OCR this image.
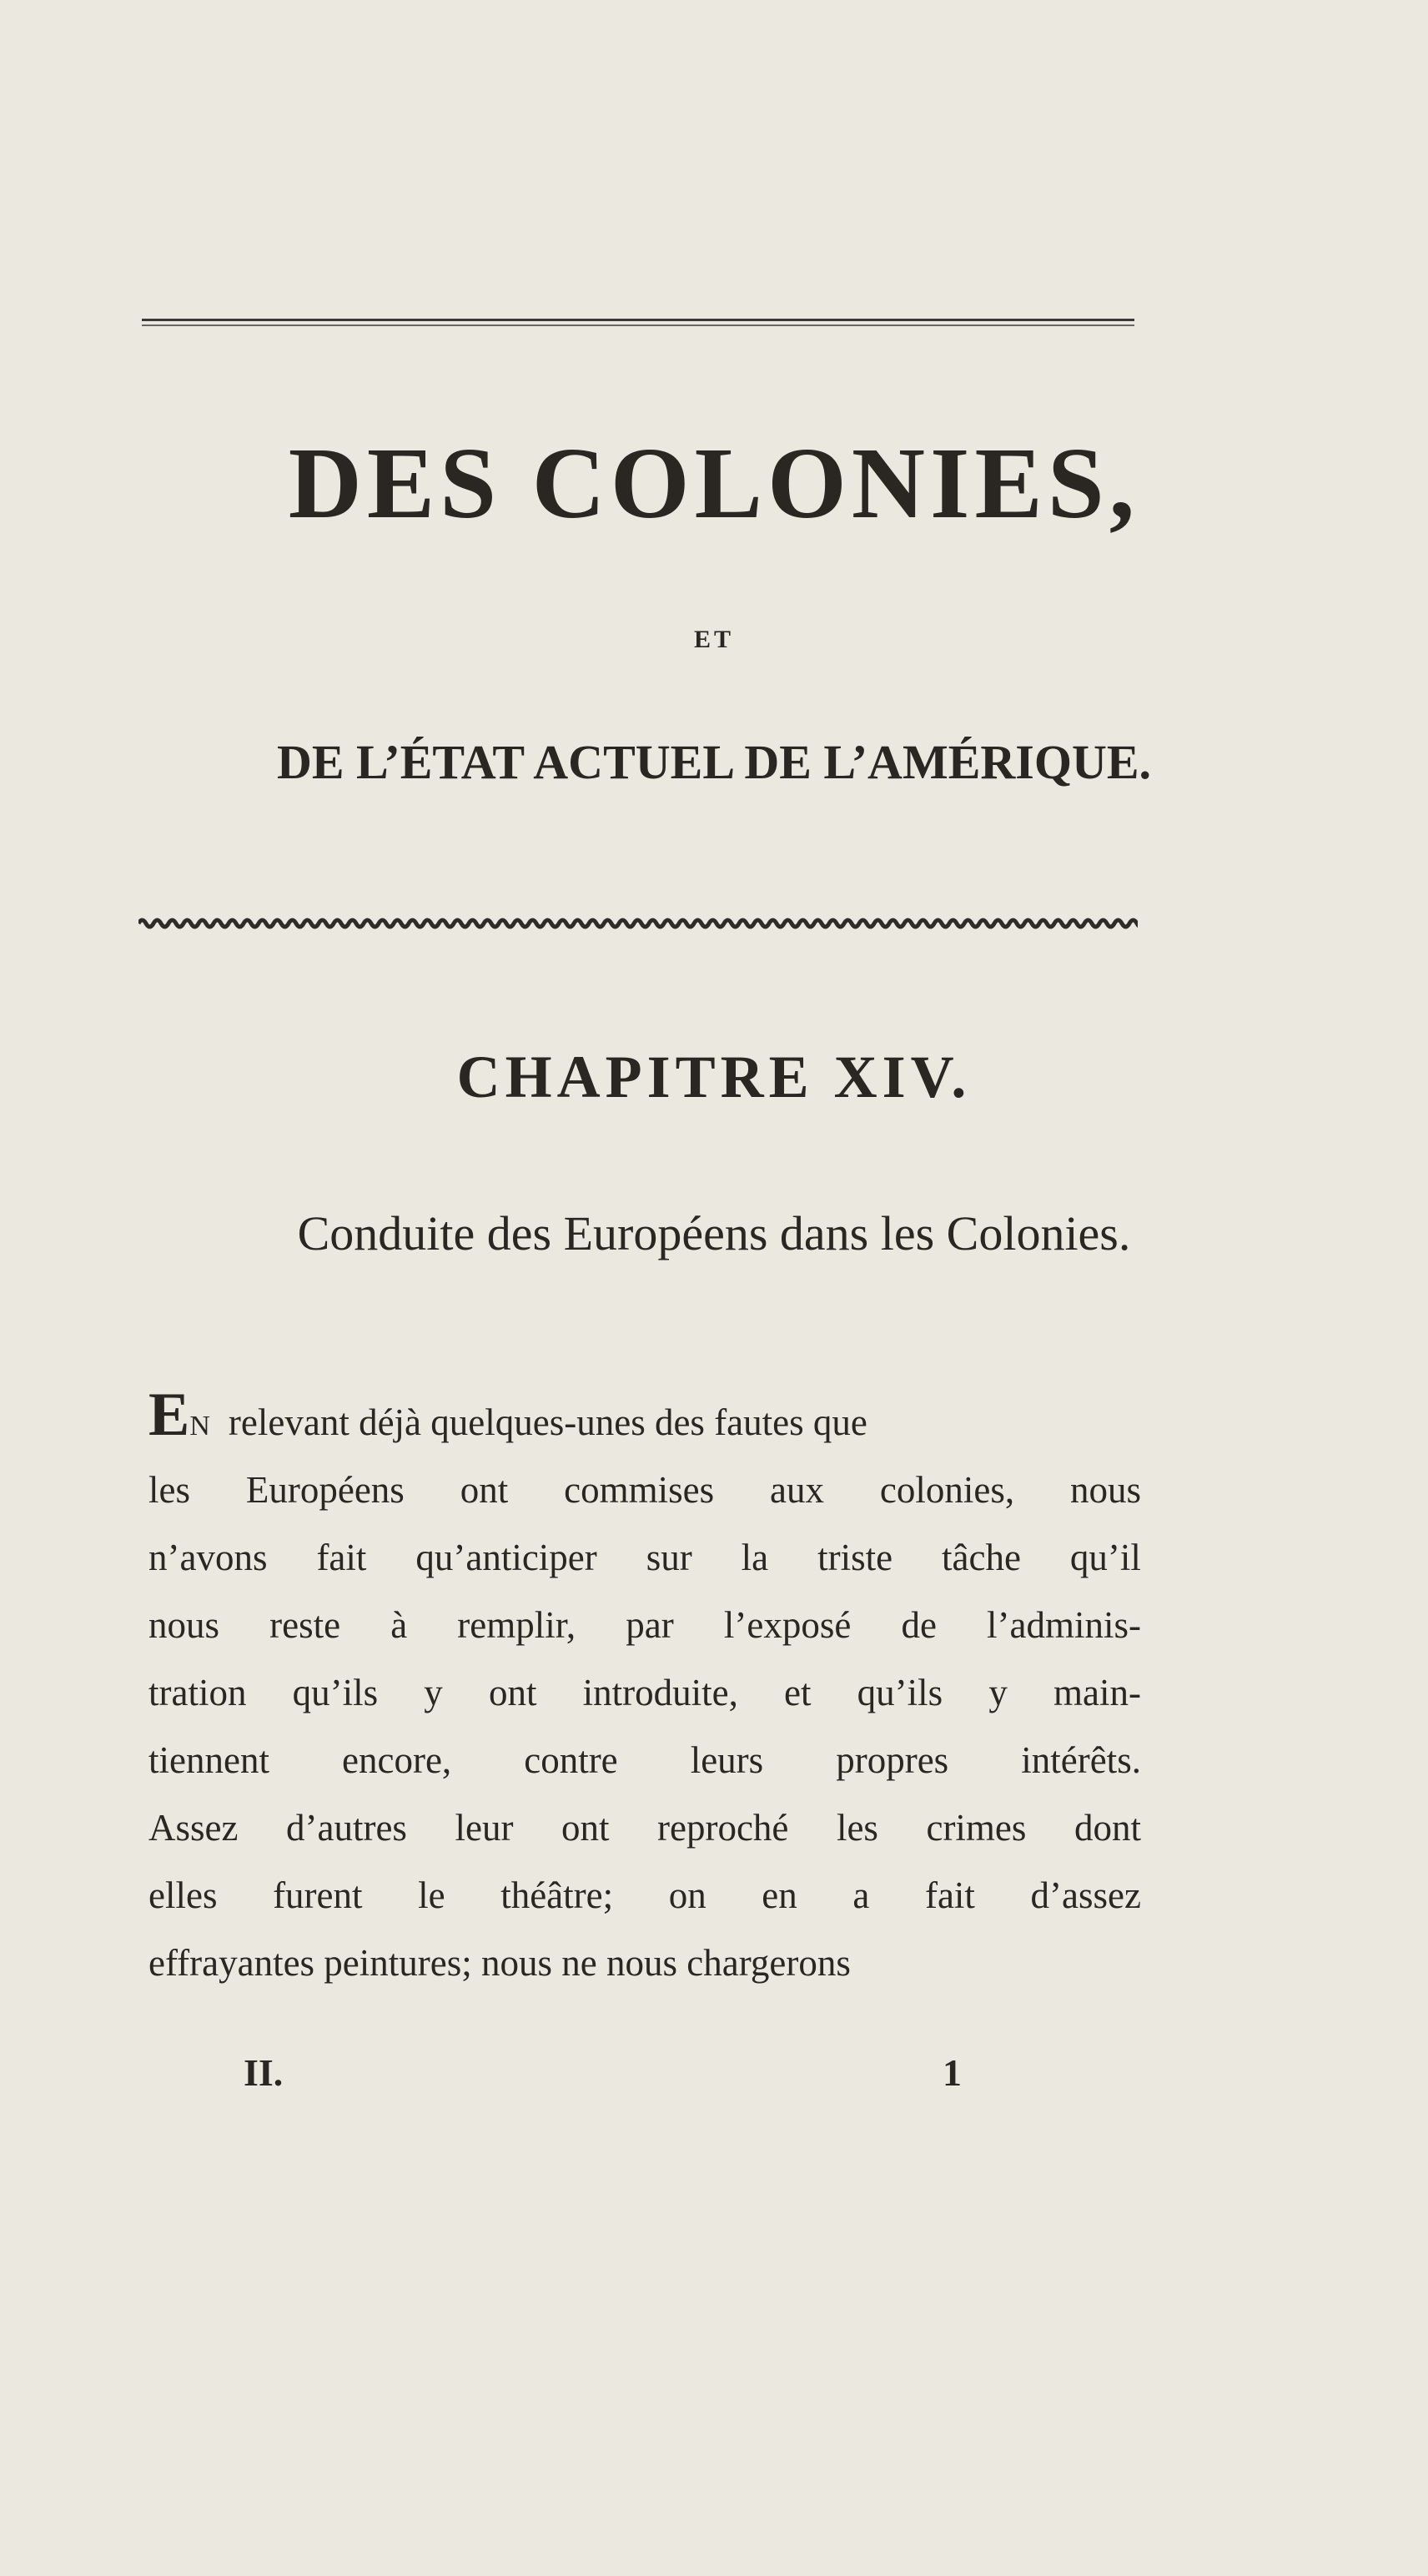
DES COLONIES,
ET
DE L’ÉTAT ACTUEL DE L’AMÉRIQUE.
CHAPITRE XIV.
Conduite des Européens dans les Colonies.
EN relevant déjà quelques-unes des fautes que
les Européens ont commises aux colonies, nous
n’avons fait qu’anticiper sur la triste tâche qu’il
nous reste à remplir, par l’exposé de l’adminis-
tration qu’ils y ont introduite, et qu’ils y main-
tiennent encore, contre leurs propres intérêts.
Assez d’autres leur ont reproché les crimes dont
elles furent le théâtre; on en a fait d’assez
effrayantes peintures; nous ne nous chargerons
II.	1
